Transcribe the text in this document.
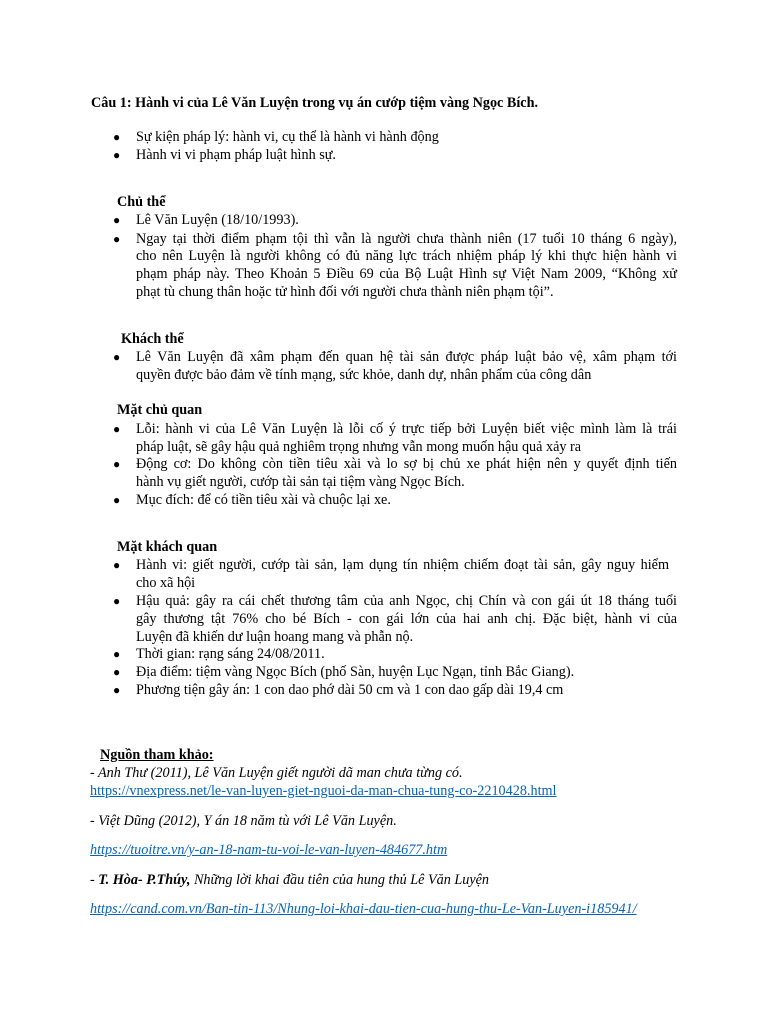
Câu 1: Hành vi của Lê Văn Luyện trong vụ án cướp tiệm vàng Ngọc Bích.
● Sự kiện pháp lý: hành vi, cụ thể là hành vi hành động
● Hành vi vi phạm pháp luật hình sự.
Chủ thể
● Lê Văn Luyện (18/10/1993).
● Ngay tại thời điểm phạm tội thì vẫn là người chưa thành niên (17 tuổi 10 tháng 6 ngày),
cho nên Luyện là người không có đủ năng lực trách nhiệm pháp lý khi thực hiện hành vi
phạm pháp này. Theo Khoản 5 Điều 69 của Bộ Luật Hình sự Việt Nam 2009, “Không xử
phạt tù chung thân hoặc tử hình đối với người chưa thành niên phạm tội”.
Khách thể
● Lê Văn Luyện đã xâm phạm đến quan hệ tài sản được pháp luật bảo vệ, xâm phạm tới
quyền được bảo đảm về tính mạng, sức khỏe, danh dự, nhân phẩm của công dân
Mặt chủ quan
● Lỗi: hành vi của Lê Văn Luyện là lỗi cố ý trực tiếp bởi Luyện biết việc mình làm là trái
pháp luật, sẽ gây hậu quả nghiêm trọng nhưng vẫn mong muốn hậu quả xảy ra
● Động cơ: Do không còn tiền tiêu xài và lo sợ bị chủ xe phát hiện nên y quyết định tiến
hành vụ giết người, cướp tài sản tại tiệm vàng Ngọc Bích.
● Mục đích: để có tiền tiêu xài và chuộc lại xe.
Mặt khách quan
● Hành vi: giết người, cướp tài sản, lạm dụng tín nhiệm chiếm đoạt tài sản, gây nguy hiểm
cho xã hội
● Hậu quả: gây ra cái chết thương tâm của anh Ngọc, chị Chín và con gái út 18 tháng tuổi
gây thương tật 76% cho bé Bích - con gái lớn của hai anh chị. Đặc biệt, hành vi của
Luyện đã khiến dư luận hoang mang và phẫn nộ.
● Thời gian: rạng sáng 24/08/2011.
● Địa điểm: tiệm vàng Ngọc Bích (phố Sàn, huyện Lục Ngạn, tỉnh Bắc Giang).
● Phương tiện gây án: 1 con dao phớ dài 50 cm và 1 con dao gấp dài 19,4 cm
Nguồn tham khảo:
- Anh Thư (2011), Lê Văn Luyện giết người dã man chưa từng có.
https://vnexpress.net/le-van-luyen-giet-nguoi-da-man-chua-tung-co-2210428.html
- Việt Dũng (2012), Y án 18 năm tù với Lê Văn Luyện.
https://tuoitre.vn/y-an-18-nam-tu-voi-le-van-luyen-484677.htm
- T. Hòa- P.Thúy, Những lời khai đầu tiên của hung thủ Lê Văn Luyện
https://cand.com.vn/Ban-tin-113/Nhung-loi-khai-dau-tien-cua-hung-thu-Le-Van-Luyen-i185941/
